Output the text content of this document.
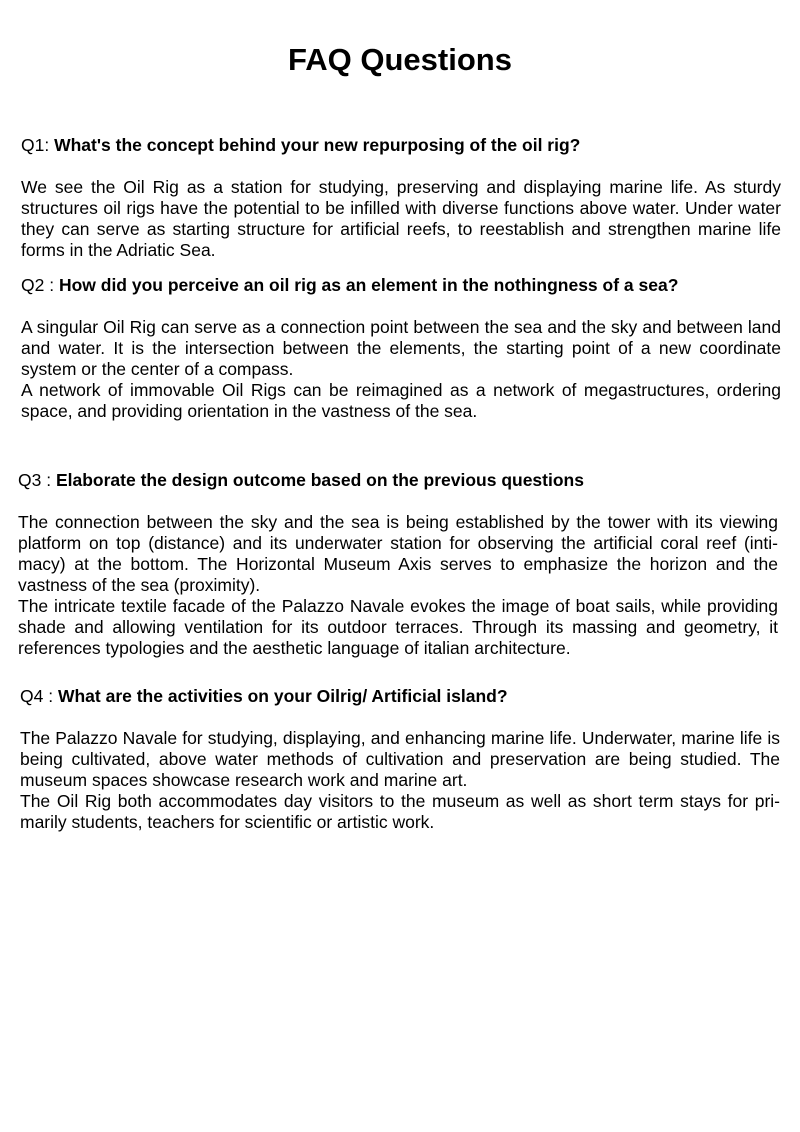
FAQ Questions
Q1: What's the concept behind your new repurposing of the oil rig?

We see the Oil Rig as a station for studying, preserving and displaying marine life. As sturdy structures oil rigs have the potential to be infilled with diverse functions above water. Under water they can serve as starting structure for artificial reefs, to reestablish and strengthen marine life forms in the Adriatic Sea.

Q2 : How did you perceive an oil rig as an element in the nothingness of a sea?

A singular Oil Rig can serve as a connection point between the sea and the sky and between land and water. It is the intersection between the elements, the starting point of a new coordinate system or the center of a compass.

A network of immovable Oil Rigs can be reimagined as a network of megastructures, ordering space, and providing orientation in the vastness of the sea.

Q3 : Elaborate the design outcome based on the previous questions

The connection between the sky and the sea is being established by the tower with its viewing platform on top (distance) and its underwater station for observing the artificial coral reef (intimacy) at the bottom. The Horizontal Museum Axis serves to emphasize the horizon and the vastness of the sea (proximity).

The intricate textile facade of the Palazzo Navale evokes the image of boat sails, while providing shade and allowing ventilation for its outdoor terraces. Through its massing and geometry, it references typologies and the aesthetic language of italian architecture.

Q4 : What are the activities on your Oilrig/ Artificial island?

The Palazzo Navale for studying, displaying, and enhancing marine life. Underwater, marine life is being cultivated, above water methods of cultivation and preservation are being studied. The museum spaces showcase research work and marine art.

The Oil Rig both accommodates day visitors to the museum as well as short term stays for primarily students, teachers for scientific or artistic work.
